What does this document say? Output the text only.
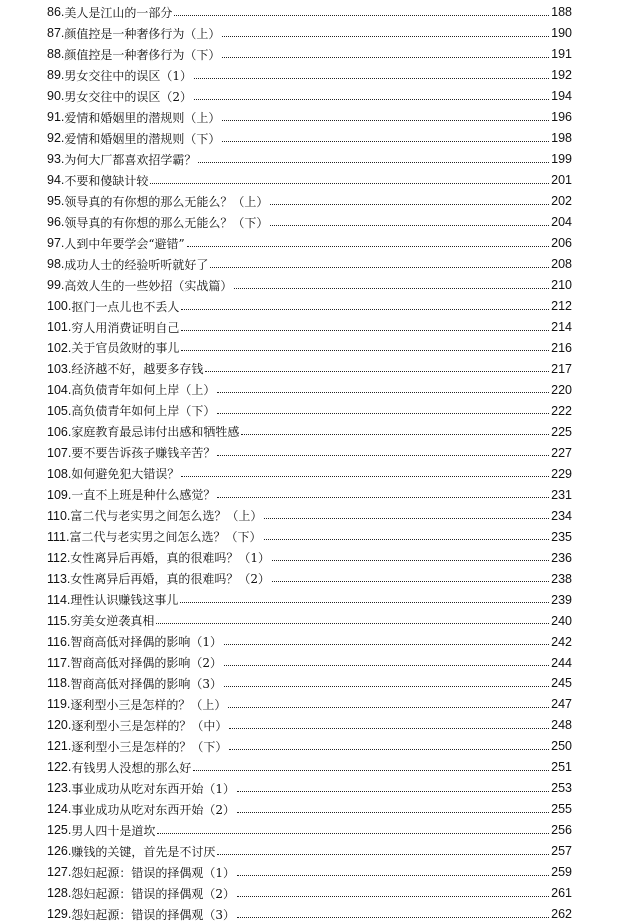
86. 美人是江山的一部分	188
87. 颜值控是一种奢侈行为（上）	190
88. 颜值控是一种奢侈行为（下）	191
89. 男女交往中的误区（1）	192
90. 男女交往中的误区（2）	194
91. 爱情和婚姻里的潜规则（上）	196
92. 爱情和婚姻里的潜规则（下）	198
93. 为何大厂都喜欢招学霸？	199
94. 不要和傻缺计较	201
95. 领导真的有你想的那么无能么？（上）	202
96. 领导真的有你想的那么无能么？（下）	204
97. 人到中年要学会“避错”	206
98. 成功人士的经验听听就好了	208
99. 高效人生的一些妙招（实战篇）	210
100. 抠门一点儿也不丢人	212
101. 穷人用消费证明自己	214
102. 关于官员敛财的事儿	216
103. 经济越不好，越要多存钱	217
104. 高负债青年如何上岸（上）	220
105. 高负债青年如何上岸（下）	222
106. 家庭教育最忌讳付出感和牺牲感	225
107. 要不要告诉孩子赚钱辛苦？	227
108. 如何避免犯大错误？	229
109. 一直不上班是种什么感觉？	231
110. 富二代与老实男之间怎么选？（上）	234
111. 富二代与老实男之间怎么选？（下）	235
112. 女性离异后再婚，真的很难吗？（1）	236
113. 女性离异后再婚，真的很难吗？（2）	238
114. 理性认识赚钱这事儿	239
115. 穷美女逆袭真相	240
116. 智商高低对择偶的影响（1）	242
117. 智商高低对择偶的影响（2）	244
118. 智商高低对择偶的影响（3）	245
119. 逐利型小三是怎样的？（上）	247
120. 逐利型小三是怎样的？（中）	248
121. 逐利型小三是怎样的？（下）	250
122. 有钱男人没想的那么好	251
123. 事业成功从吃对东西开始（1）	253
124. 事业成功从吃对东西开始（2）	255
125. 男人四十是道坎	256
126. 赚钱的关键，首先是不讨厌	257
127. 怨妇起源：错误的择偶观（1）	259
128. 怨妇起源：错误的择偶观（2）	261
129. 怨妇起源：错误的择偶观（3）	262
